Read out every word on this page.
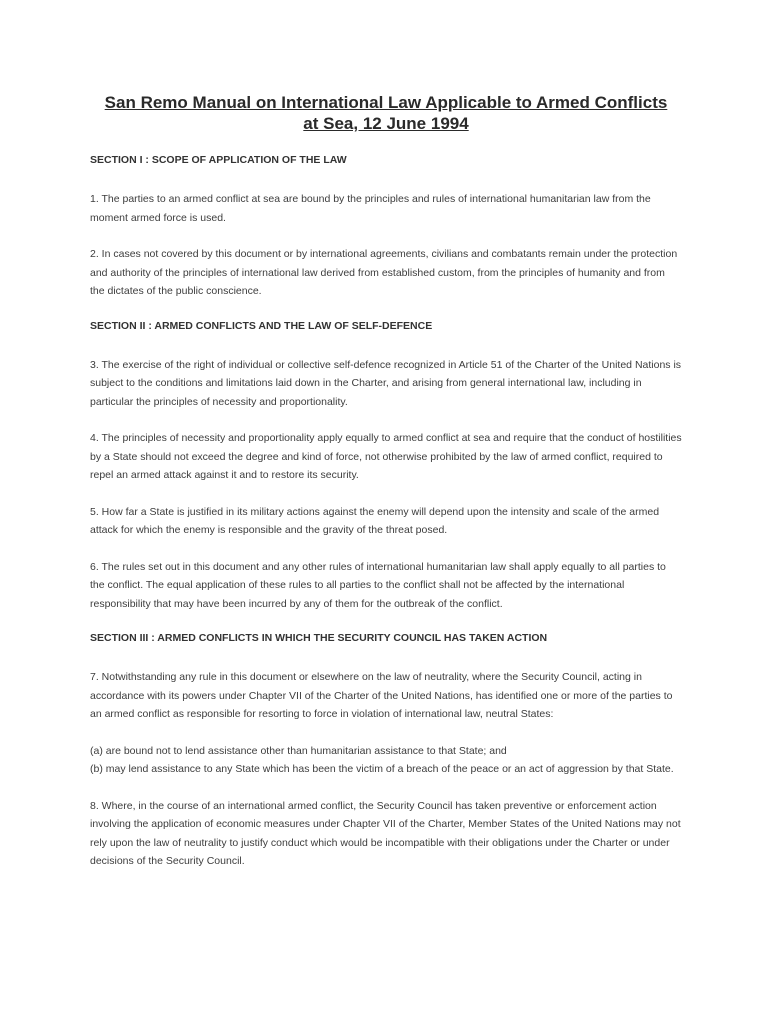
San Remo Manual on International Law Applicable to Armed Conflicts
at Sea, 12 June 1994
SECTION I : SCOPE OF APPLICATION OF THE LAW

1. The parties to an armed conflict at sea are bound by the principles and rules of international humanitarian law from the moment armed force is used.

2. In cases not covered by this document or by international agreements, civilians and combatants remain under the protection and authority of the principles of international law derived from established custom, from the principles of humanity and from the dictates of the public conscience.

SECTION II : ARMED CONFLICTS AND THE LAW OF SELF-DEFENCE

3. The exercise of the right of individual or collective self-defence recognized in Article 51 of the Charter of the United Nations is subject to the conditions and limitations laid down in the Charter, and arising from general international law, including in particular the principles of necessity and proportionality.

4. The principles of necessity and proportionality apply equally to armed conflict at sea and require that the conduct of hostilities by a State should not exceed the degree and kind of force, not otherwise prohibited by the law of armed conflict, required to repel an armed attack against it and to restore its security.

5. How far a State is justified in its military actions against the enemy will depend upon the intensity and scale of the armed attack for which the enemy is responsible and the gravity of the threat posed.

6. The rules set out in this document and any other rules of international humanitarian law shall apply equally to all parties to the conflict. The equal application of these rules to all parties to the conflict shall not be affected by the international responsibility that may have been incurred by any of them for the outbreak of the conflict.

SECTION III : ARMED CONFLICTS IN WHICH THE SECURITY COUNCIL HAS TAKEN ACTION

7. Notwithstanding any rule in this document or elsewhere on the law of neutrality, where the Security Council, acting in accordance with its powers under Chapter VII of the Charter of the United Nations, has identified one or more of the parties to an armed conflict as responsible for resorting to force in violation of international law, neutral States:

(a) are bound not to lend assistance other than humanitarian assistance to that State; and

(b) may lend assistance to any State which has been the victim of a breach of the peace or an act of aggression by that State.

8. Where, in the course of an international armed conflict, the Security Council has taken preventive or enforcement action involving the application of economic measures under Chapter VII of the Charter, Member States of the United Nations may not rely upon the law of neutrality to justify conduct which would be incompatible with their obligations under the Charter or under decisions of the Security Council.
